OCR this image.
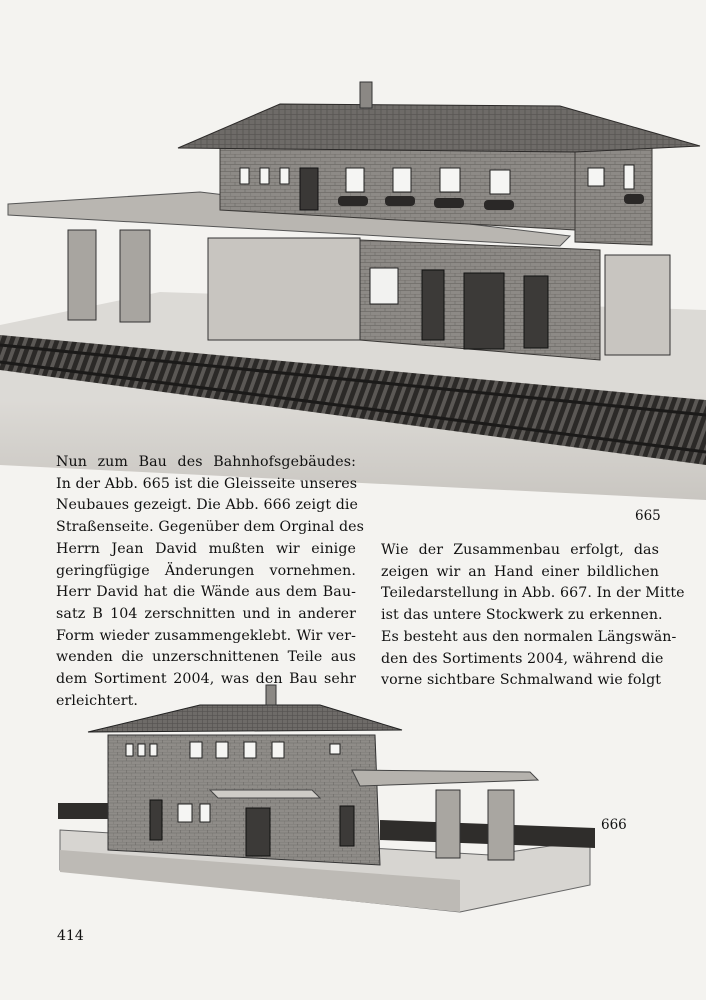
Nun zum Bau des Bahnhofsgebäudes:
In der Abb. 665 ist die Gleisseite unseres
Neubaues gezeigt. Die Abb. 666 zeigt die
Straßenseite. Gegenüber dem Orginal des
Herrn Jean David mußten wir einige
geringfügige Änderungen vornehmen.
Herr David hat die Wände aus dem Bau-
satz B 104 zerschnitten und in anderer
Form wieder zusammengeklebt. Wir ver-
wenden die unzerschnittenen Teile aus
dem Sortiment 2004, was den Bau sehr
erleichtert.
Wie der Zusammenbau erfolgt, das
zeigen wir an Hand einer bildlichen
Teiledarstellung in Abb. 667. In der Mitte
ist das untere Stockwerk zu erkennen.
Es besteht aus den normalen Längswän-
den des Sortiments 2004, während die
vorne sichtbare Schmalwand wie folgt
665
666
414
